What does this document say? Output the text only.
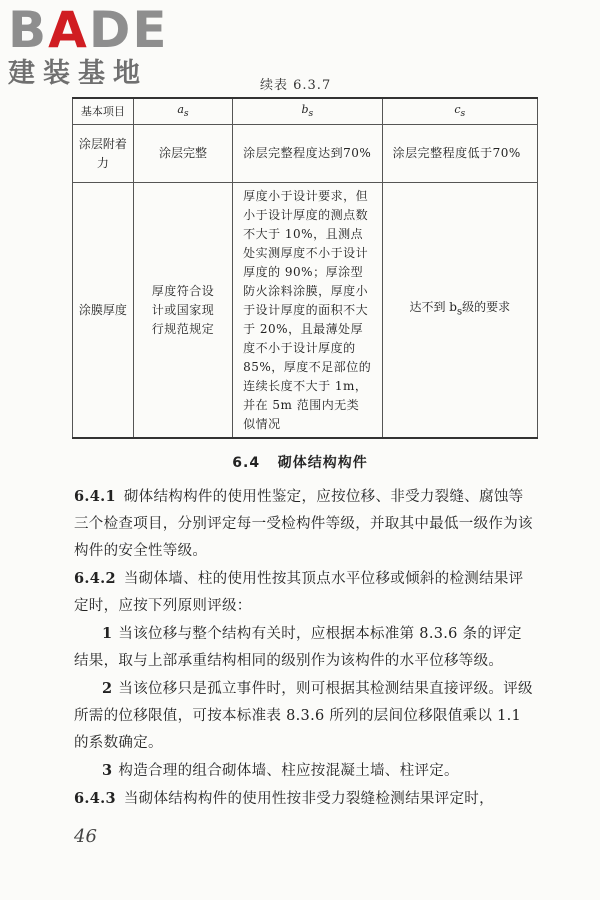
BADE
建装基地	续表 6.3.7
基本项目	$a_s$	$b_s$	$c_s$
涂层附着力	涂层完整	涂层完整程度达到70%	涂层完整程度低于70%
涂膜厚度	厚度符合设计或国家现行规范规定	厚度小于设计要求，但小于设计厚度的测点数不大于 10%，且测点处实测厚度不小于设计厚度的 90%；厚涂型防火涂料涂膜，厚度小于设计厚度的面积不大于 20%，且最薄处厚度不小于设计厚度的 85%，厚度不足部位的连续长度不大于 1m，并在 5m 范围内无类似情况	达不到 $b_s$级的要求
6.4 砌体结构构件

6.4.1 砌体结构构件的使用性鉴定，应按位移、非受力裂缝、腐蚀等三个检查项目，分别评定每一受检构件等级，并取其中最低一级作为该构件的安全性等级。

6.4.2 当砌体墙、柱的使用性按其顶点水平位移或倾斜的检测结果评定时，应按下列原则评级：

1 当该位移与整个结构有关时，应根据本标准第 8.3.6 条的评定结果，取与上部承重结构相同的级别作为该构件的水平位移等级。

2 当该位移只是孤立事件时，则可根据其检测结果直接评级。评级所需的位移限值，可按本标准表 8.3.6 所列的层间位移限值乘以 1.1 的系数确定。

3 构造合理的组合砌体墙、柱应按混凝土墙、柱评定。

6.4.3 当砌体结构构件的使用性按非受力裂缝检测结果评定时，

46
